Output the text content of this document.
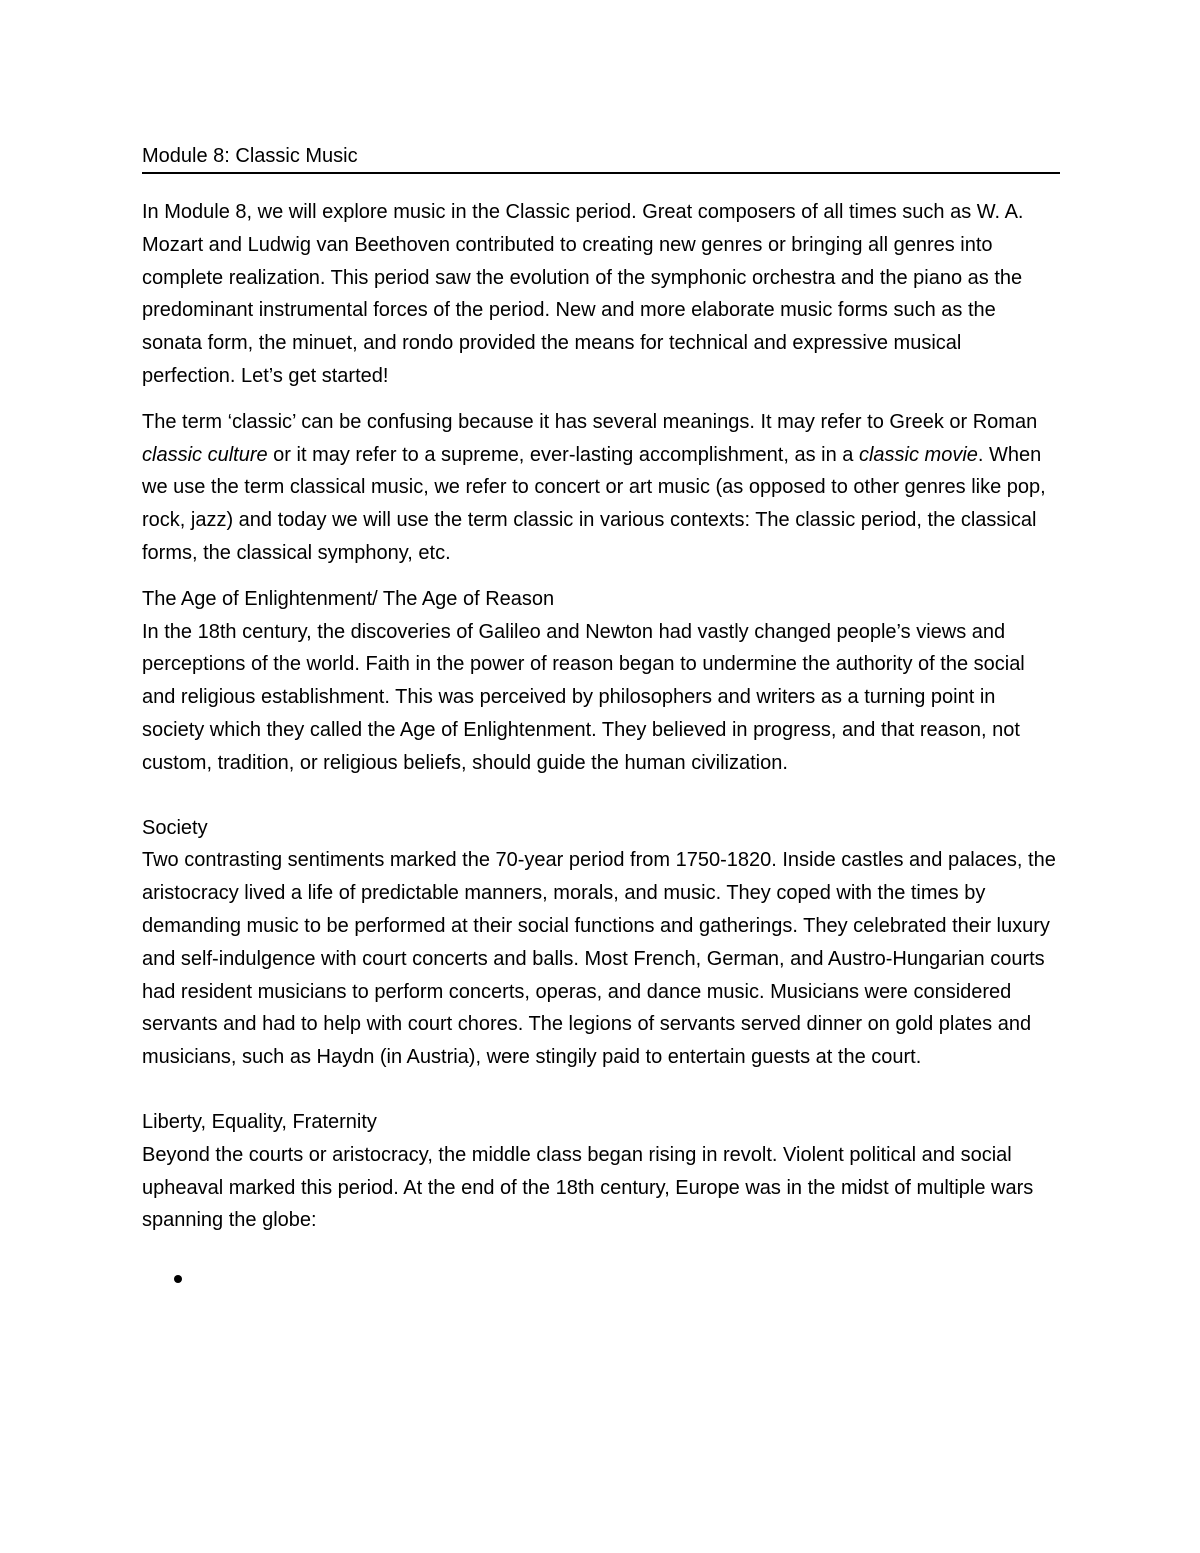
Module 8: Classic Music

In Module 8, we will explore music in the Classic period. Great composers of all times such as W. A. Mozart and Ludwig van Beethoven contributed to creating new genres or bringing all genres into complete realization. This period saw the evolution of the symphonic orchestra and the piano as the predominant instrumental forces of the period. New and more elaborate music forms such as the sonata form, the minuet, and rondo provided the means for technical and expressive musical perfection. Let’s get started!

The term ‘classic’ can be confusing because it has several meanings. It may refer to Greek or Roman classic culture or it may refer to a supreme, ever-lasting accomplishment, as in a classic movie. When we use the term classical music, we refer to concert or art music (as opposed to other genres like pop, rock, jazz) and today we will use the term classic in various contexts: The classic period, the classical forms, the classical symphony, etc.

The Age of Enlightenment/ The Age of Reason
In the 18th century, the discoveries of Galileo and Newton had vastly changed people’s views and perceptions of the world. Faith in the power of reason began to undermine the authority of the social and religious establishment. This was perceived by philosophers and writers as a turning point in society which they called the Age of Enlightenment. They believed in progress, and that reason, not custom, tradition, or religious beliefs, should guide the human civilization.

Society
Two contrasting sentiments marked the 70-year period from 1750-1820. Inside castles and palaces, the aristocracy lived a life of predictable manners, morals, and music. They coped with the times by demanding music to be performed at their social functions and gatherings. They celebrated their luxury and self-indulgence with court concerts and balls. Most French, German, and Austro-Hungarian courts had resident musicians to perform concerts, operas, and dance music. Musicians were considered servants and had to help with court chores. The legions of servants served dinner on gold plates and musicians, such as Haydn (in Austria), were stingily paid to entertain guests at the court.

Liberty, Equality, Fraternity
Beyond the courts or aristocracy, the middle class began rising in revolt. Violent political and social upheaval marked this period. At the end of the 18th century, Europe was in the midst of multiple wars spanning the globe:
